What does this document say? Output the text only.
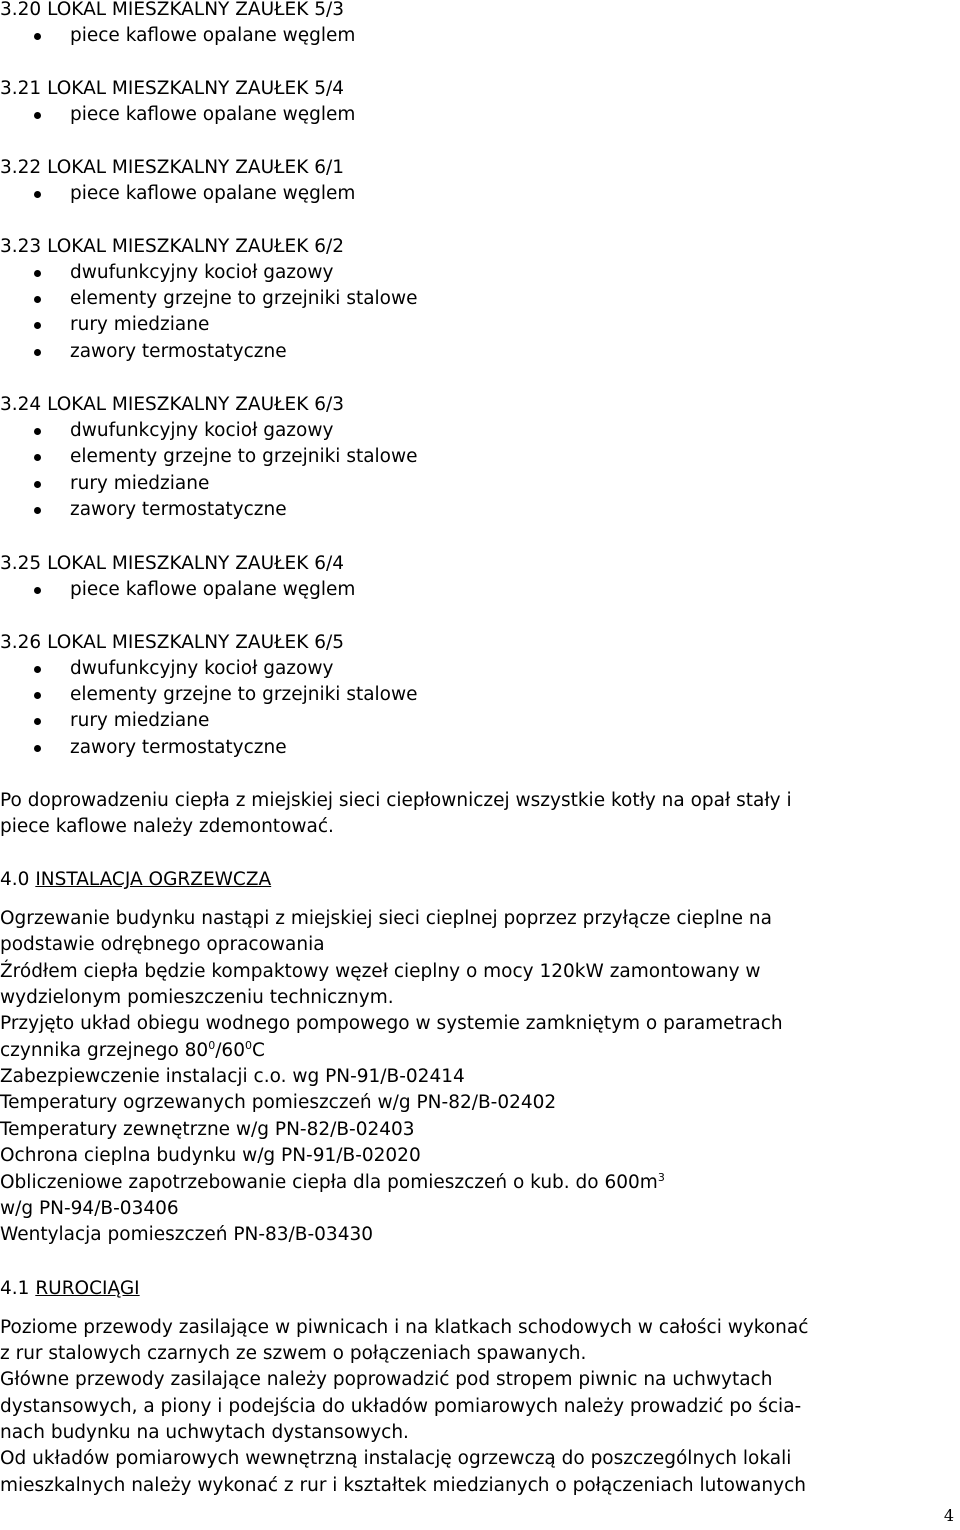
3.20 LOKAL MIESZKALNY ZAUŁEK 5/3
piece kaflowe opalane węglem
3.21 LOKAL MIESZKALNY ZAUŁEK 5/4
piece kaflowe opalane węglem
3.22 LOKAL MIESZKALNY ZAUŁEK 6/1
piece kaflowe opalane węglem
3.23 LOKAL MIESZKALNY ZAUŁEK 6/2
dwufunkcyjny kocioł gazowy
elementy grzejne to grzejniki stalowe
rury miedziane
zawory termostatyczne
3.24 LOKAL MIESZKALNY ZAUŁEK 6/3
dwufunkcyjny kocioł gazowy
elementy grzejne to grzejniki stalowe
rury miedziane
zawory termostatyczne
3.25 LOKAL MIESZKALNY ZAUŁEK 6/4
piece kaflowe opalane węglem
3.26 LOKAL MIESZKALNY ZAUŁEK 6/5
dwufunkcyjny kocioł gazowy
elementy grzejne to grzejniki stalowe
rury miedziane
zawory termostatyczne
Po doprowadzeniu ciepła z miejskiej sieci ciepłowniczej wszystkie kotły na opał stały i
piece kaflowe należy zdemontować.
4.0 INSTALACJA OGRZEWCZA
Ogrzewanie budynku nastąpi z miejskiej sieci cieplnej poprzez przyłącze cieplne na
podstawie odrębnego opracowania
Źródłem ciepła będzie kompaktowy węzeł cieplny o mocy 120kW zamontowany w
wydzielonym pomieszczeniu technicznym.
Przyjęto układ obiegu wodnego pompowego w systemie zamkniętym o parametrach
czynnika grzejnego $80^0/60^0C$
Zabezpiewczenie instalacji c.o. wg PN-91/B-02414
Temperatury ogrzewanych pomieszczeń w/g PN-82/B-02402
Temperatury zewnętrzne w/g PN-82/B-02403
Ochrona cieplna budynku w/g PN-91/B-02020
Obliczeniowe zapotrzebowanie ciepła dla pomieszczeń o kub. do $600m^3$
w/g PN-94/B-03406
Wentylacja pomieszczeń PN-83/B-03430
4.1 RUROCIĄGI
Poziome przewody zasilające w piwnicach i na klatkach schodowych w całości wykonać
z rur stalowych czarnych ze szwem o połączeniach spawanych.
Główne przewody zasilające należy poprowadzić pod stropem piwnic na uchwytach
dystansowych, a piony i podejścia do układów pomiarowych należy prowadzić po ścia-
nach budynku na uchwytach dystansowych.
Od układów pomiarowych wewnętrzną instalację ogrzewczą do poszczególnych lokali
mieszkalnych należy wykonać z rur i kształtek miedzianych o połączeniach lutowanych
4
